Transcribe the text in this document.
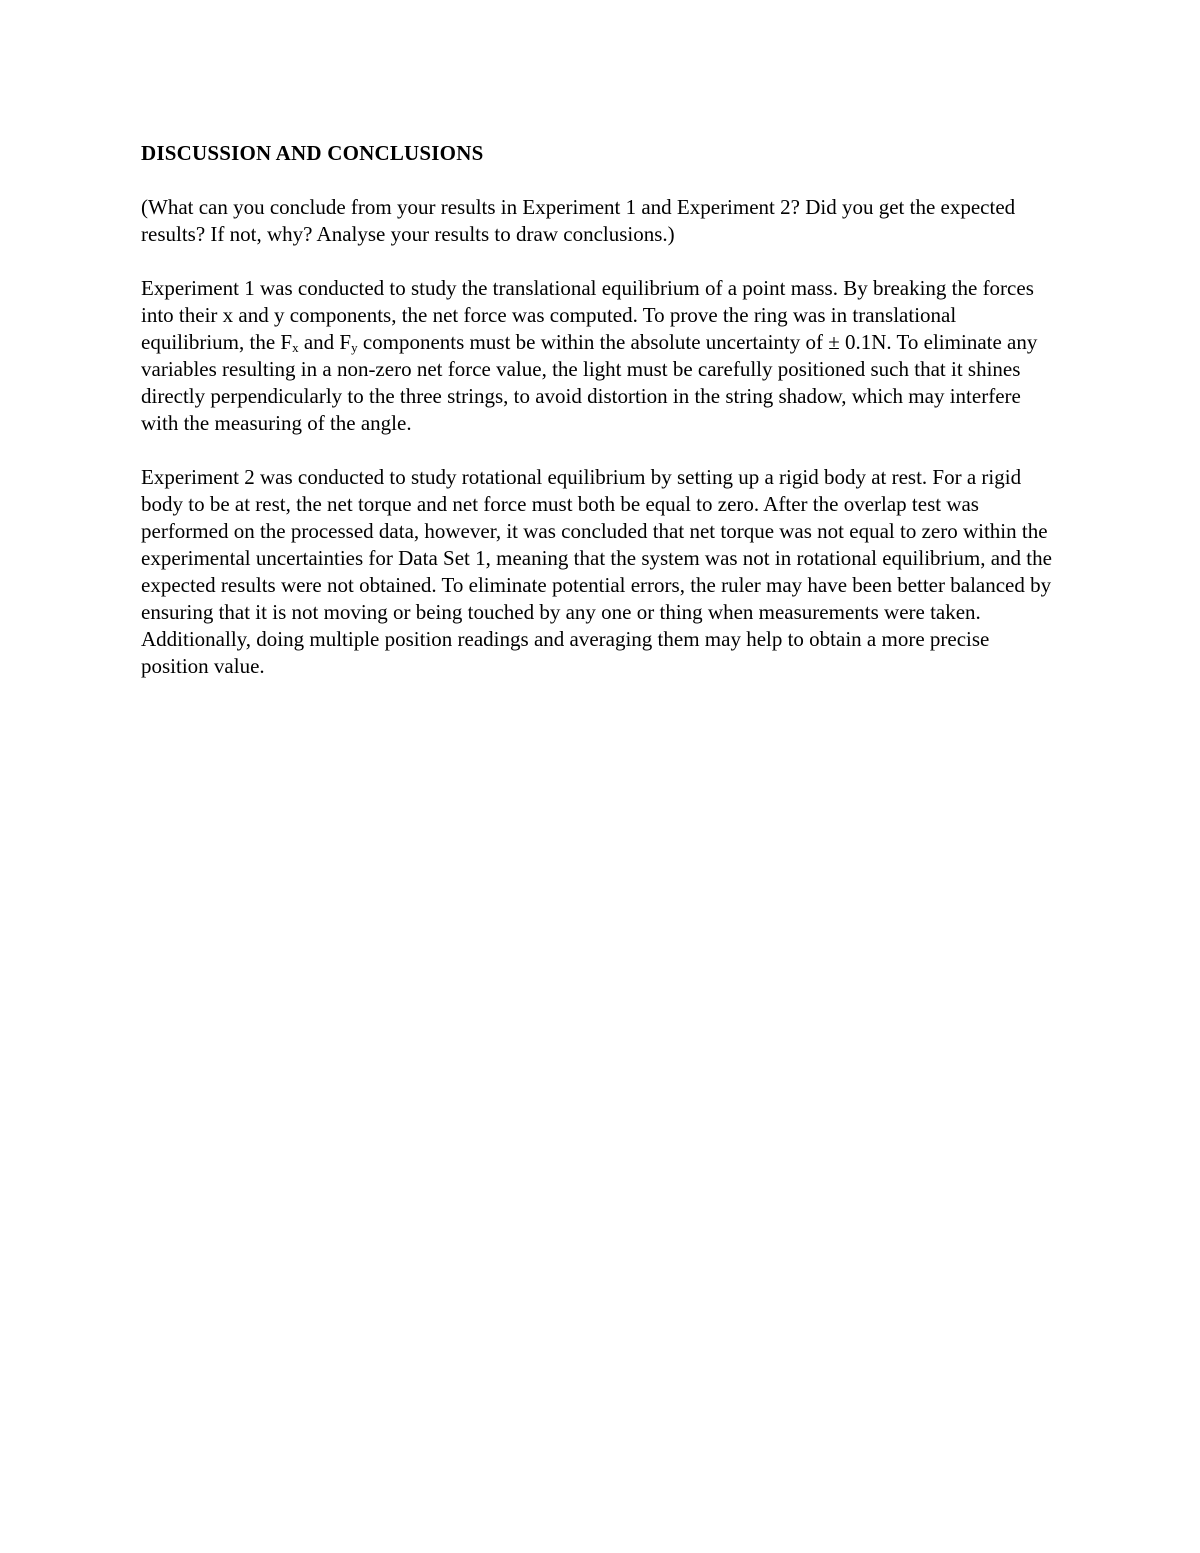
DISCUSSION AND CONCLUSIONS

(What can you conclude from your results in Experiment 1 and Experiment 2? Did you get the expected results? If not, why? Analyse your results to draw conclusions.)

Experiment 1 was conducted to study the translational equilibrium of a point mass. By breaking the forces into their x and y components, the net force was computed. To prove the ring was in translational equilibrium, the $F_x$ and $F_y$ components must be within the absolute uncertainty of ± 0.1N. To eliminate any variables resulting in a non-zero net force value, the light must be carefully positioned such that it shines directly perpendicularly to the three strings, to avoid distortion in the string shadow, which may interfere with the measuring of the angle.

Experiment 2 was conducted to study rotational equilibrium by setting up a rigid body at rest. For a rigid body to be at rest, the net torque and net force must both be equal to zero. After the overlap test was performed on the processed data, however, it was concluded that net torque was not equal to zero within the experimental uncertainties for Data Set 1, meaning that the system was not in rotational equilibrium, and the expected results were not obtained. To eliminate potential errors, the ruler may have been better balanced by ensuring that it is not moving or being touched by any one or thing when measurements were taken. Additionally, doing multiple position readings and averaging them may help to obtain a more precise position value.
